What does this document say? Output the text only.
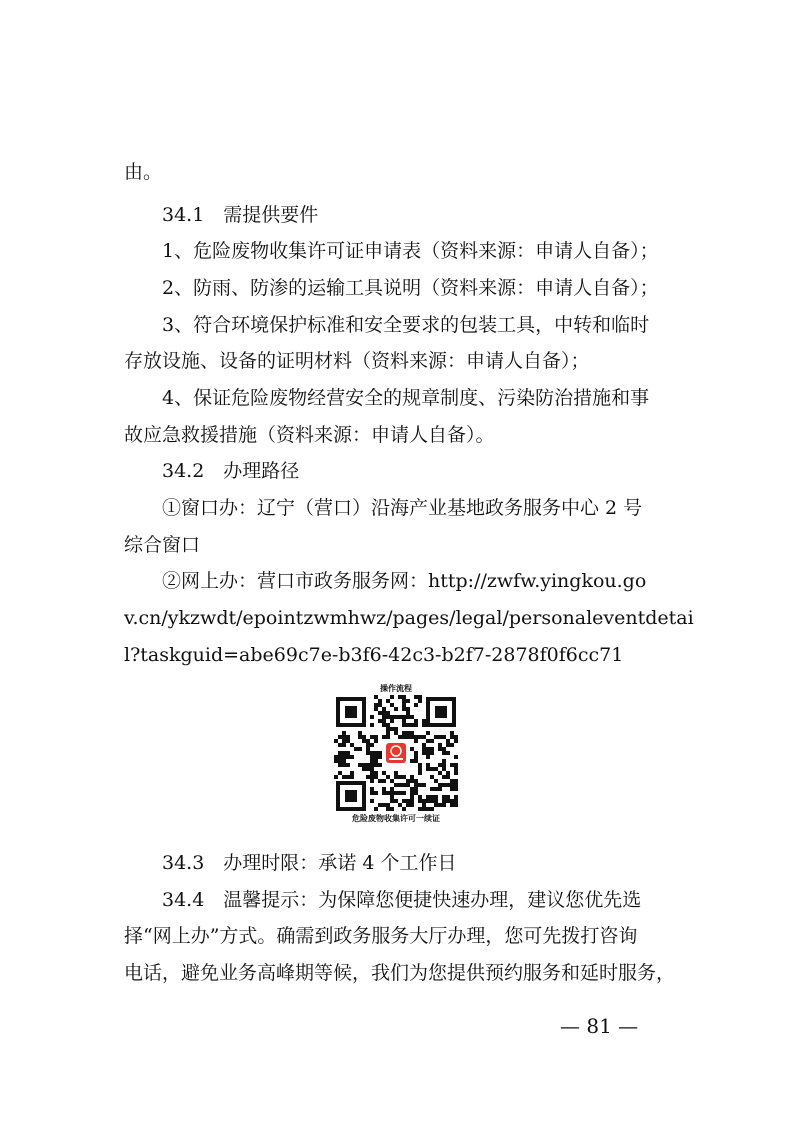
由。
34.1　需提供要件
1、危险废物收集许可证申请表（资料来源：申请人自备）；
2、防雨、防渗的运输工具说明（资料来源：申请人自备）；
3、符合环境保护标准和安全要求的包装工具，中转和临时
存放设施、设备的证明材料（资料来源：申请人自备）；
4、保证危险废物经营安全的规章制度、污染防治措施和事
故应急救援措施（资料来源：申请人自备）。
34.2　办理路径
①窗口办：辽宁（营口）沿海产业基地政务服务中心 2 号
综合窗口
②网上办：营口市政务服务网：http://zwfw.yingkou.go
v.cn/ykzwdt/epointzwmhwz/pages/legal/personaleventdetai
l?taskguid=abe69c7e-b3f6-42c3-b2f7-2878f0f6cc71
操作流程
危险废物收集许可一续证
34.3　办理时限：承诺 4 个工作日
34.4　温馨提示：为保障您便捷快速办理，建议您优先选
择“网上办”方式。确需到政务服务大厅办理，您可先拨打咨询
电话，避免业务高峰期等候，我们为您提供预约服务和延时服务，
— 81 —
